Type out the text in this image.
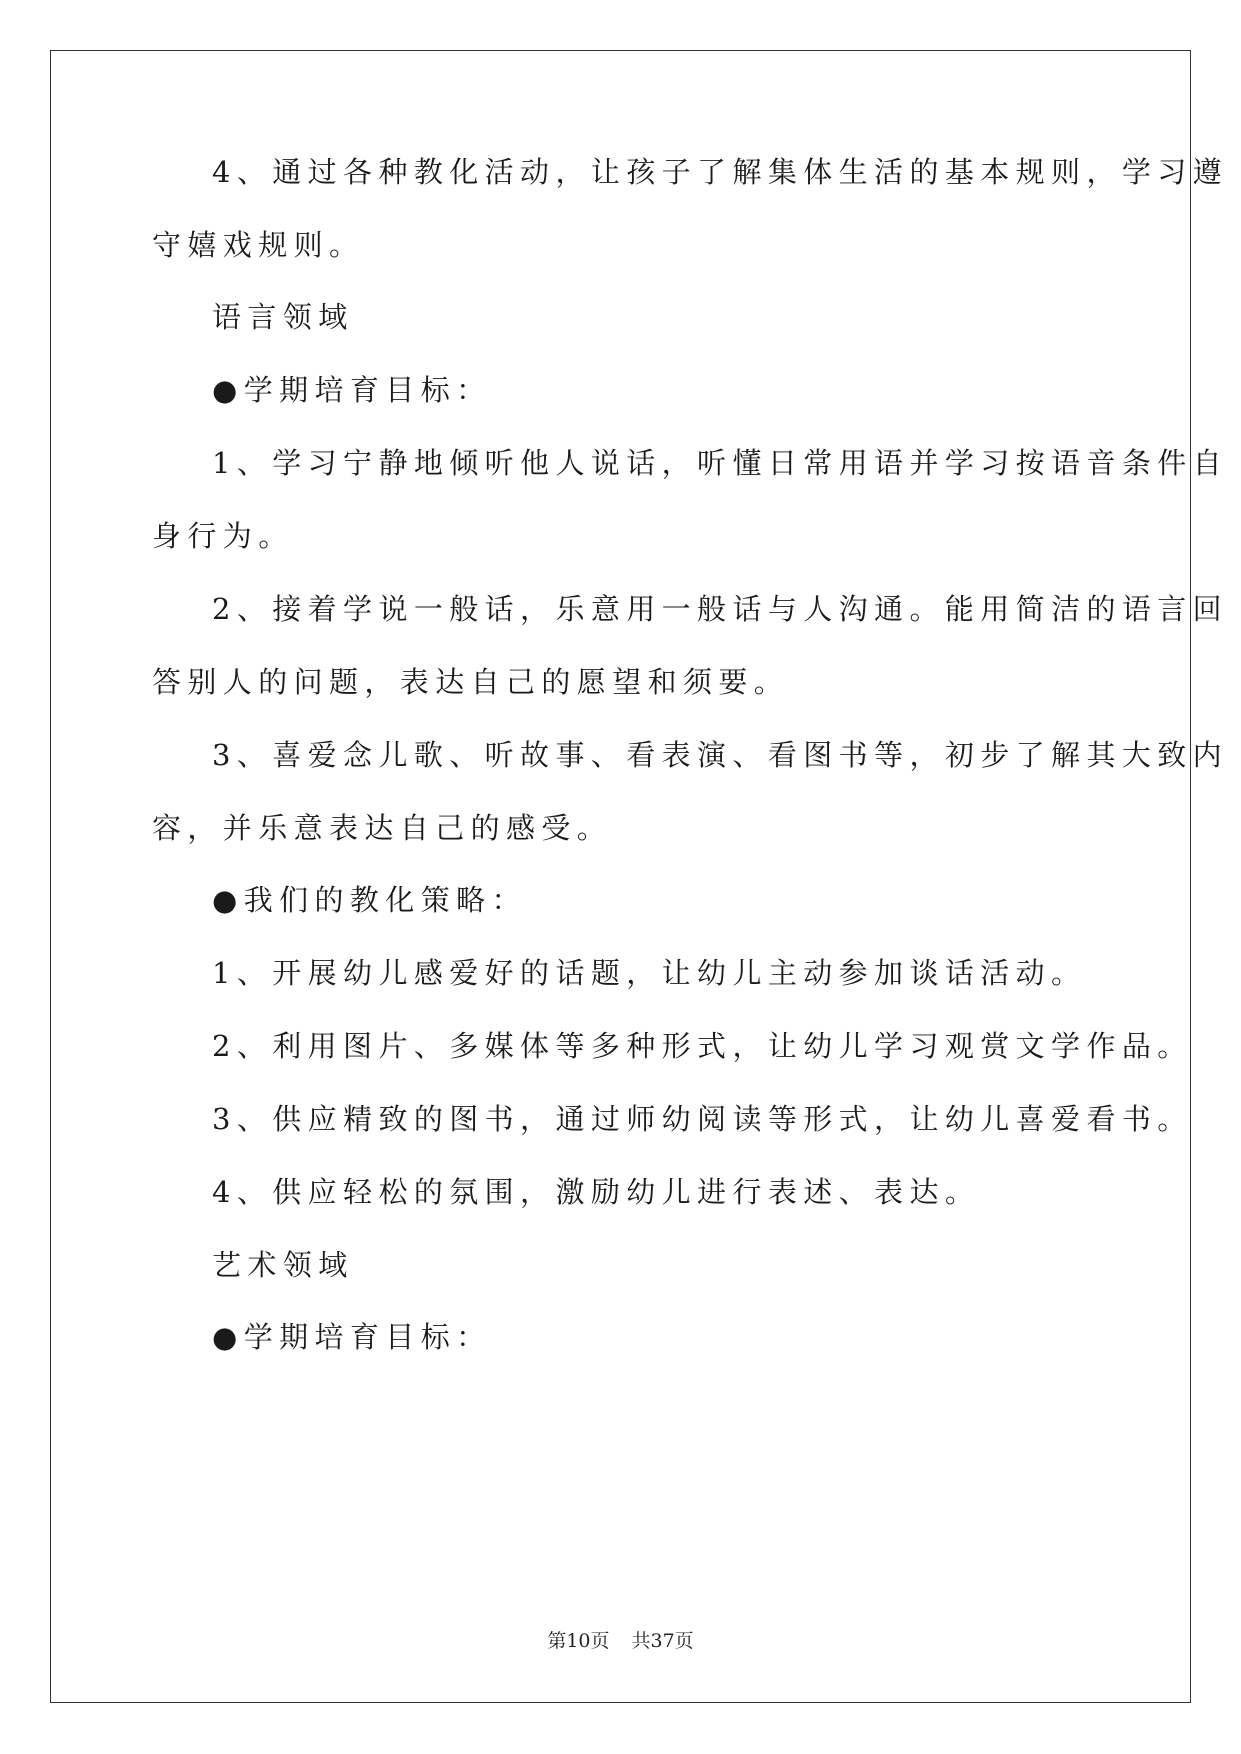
4、通过各种教化活动，让孩子了解集体生活的基本规则，学习遵
守嬉戏规则。
语言领域
●学期培育目标：
1、学习宁静地倾听他人说话，听懂日常用语并学习按语音条件自
身行为。
2、接着学说一般话，乐意用一般话与人沟通。能用简洁的语言回
答别人的问题，表达自己的愿望和须要。
3、喜爱念儿歌、听故事、看表演、看图书等，初步了解其大致内
容，并乐意表达自己的感受。
●我们的教化策略：
1、开展幼儿感爱好的话题，让幼儿主动参加谈话活动。
2、利用图片、多媒体等多种形式，让幼儿学习观赏文学作品。
3、供应精致的图书，通过师幼阅读等形式，让幼儿喜爱看书。
4、供应轻松的氛围，激励幼儿进行表述、表达。
艺术领域
●学期培育目标：
第10页 共37页
